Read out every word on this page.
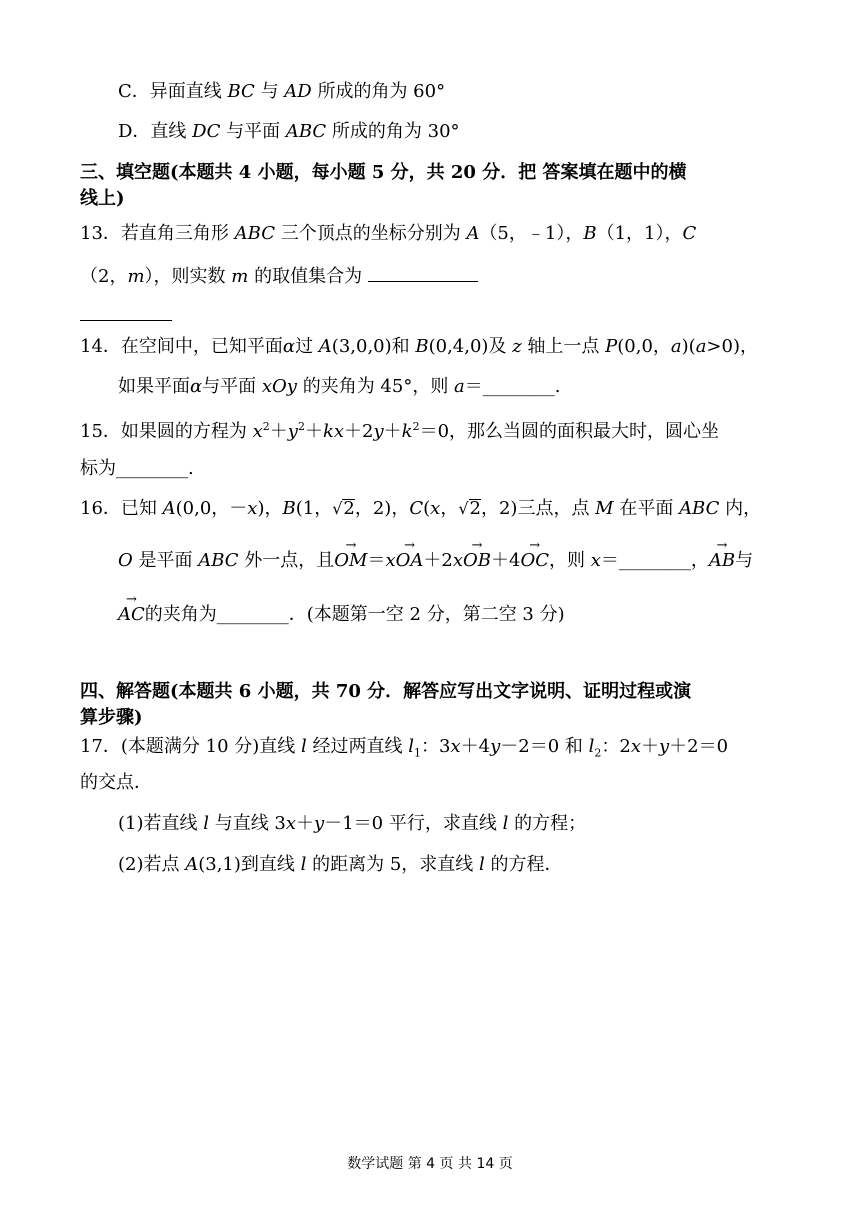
C．异面直线 BC 与 AD 所成的角为 60°
D．直线 DC 与平面 ABC 所成的角为 30°
三、填空题(本题共 4 小题，每小题 5 分，共 20 分．把 答案填在题中的横
线上)
13．若直角三角形 ABC 三个顶点的坐标分别为 A（5，﹣1），B（1，1），C
（2，m），则实数 m 的取值集合为
14．在空间中，已知平面α过 A(3,0,0)和 B(0,4,0)及 z 轴上一点 P(0,0，a)(a>0)，
如果平面α与平面 xOy 的夹角为 45°，则 a＝________.
15．如果圆的方程为 $x^2+y^2+kx+2y+k^2=0$，那么当圆的面积最大时，圆心坐
标为________.
16．已知 A(0,0，－x)，B(1，√2，2)，C(x，√2，2)三点，点 M 在平面 ABC 内，
O 是平面 ABC 外一点，且→ OM＝x→ OA＋2x→ OB＋4→ OC，则 x＝________，→ AB与
→ AC的夹角为________．(本题第一空 2 分，第二空 3 分)
四、解答题(本题共 6 小题，共 70 分．解答应写出文字说明、证明过程或演
算步骤)
17．(本题满分 10 分)直线 l 经过两直线 $l_1$：3x＋4y－2＝0 和 $l_2$：2x＋y＋2＝0
的交点．
(1)若直线 l 与直线 3x＋y－1＝0 平行，求直线 l 的方程；
(2)若点 A(3,1)到直线 l 的距离为 5，求直线 l 的方程．
数学试题 第 4 页 共 14 页
